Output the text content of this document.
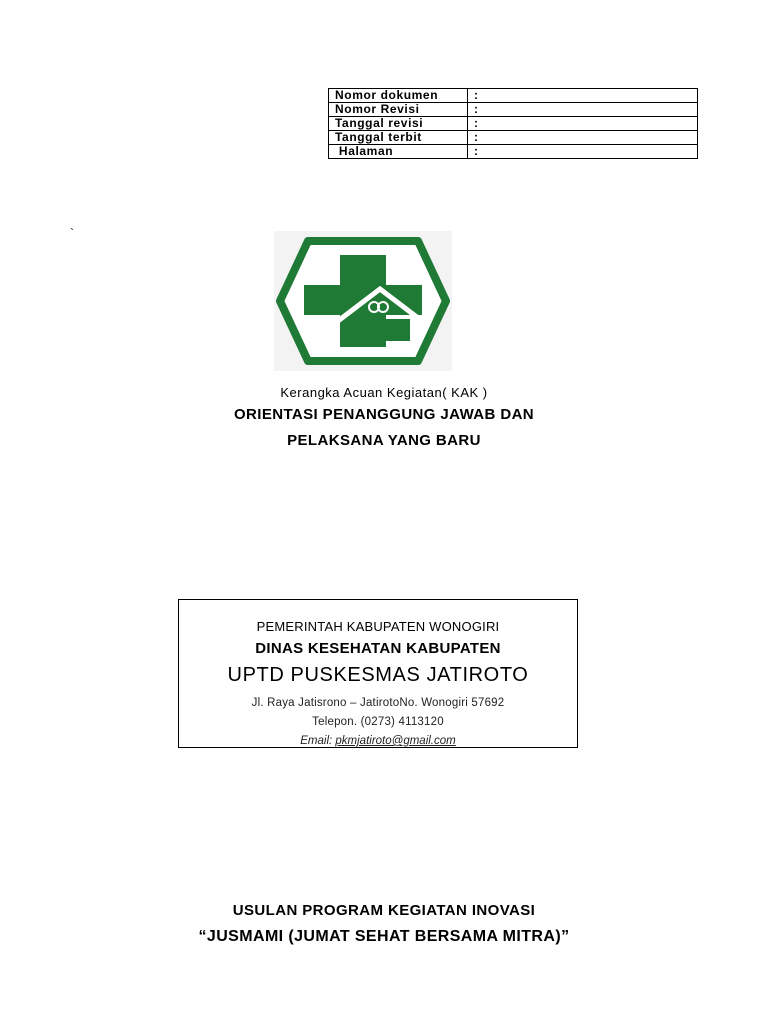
Nomor dokumen	:
Nomor Revisi	:
Tanggal revisi	:
Tanggal terbit	:
Halaman	:
`
Kerangka Acuan Kegiatan( KAK )
ORIENTASI PENANGGUNG JAWAB DAN
PELAKSANA YANG BARU
PEMERINTAH KABUPATEN WONOGIRI
DINAS KESEHATAN KABUPATEN
UPTD PUSKESMAS JATIROTO
Jl. Raya Jatisrono – JatirotoNo. Wonogiri 57692
Telepon. (0273) 4113120
Email: pkmjatiroto@gmail.com
USULAN PROGRAM KEGIATAN INOVASI
“JUSMAMI (JUMAT SEHAT BERSAMA MITRA)”
